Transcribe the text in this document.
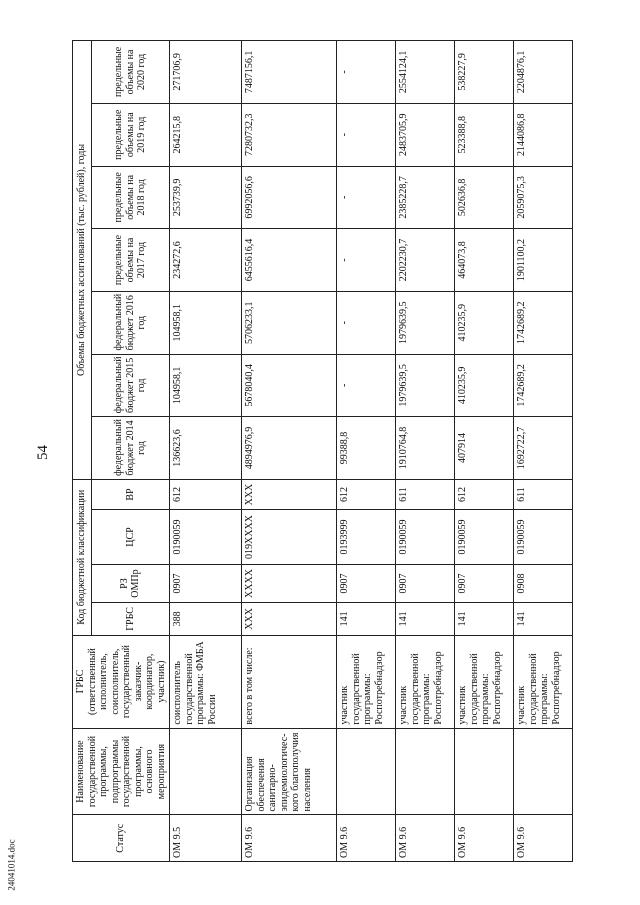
54
24041014.doc
Статус	Наименование государственной программы, подпрограммы государственной программы, основного мероприятия	ГРБС (ответственный исполнитель, соисполнитель, государственный заказчик-координатор, участник)	Код бюджетной классификации				Объемы бюджетных ассигнований (тыс. рублей), годы						
			ГРБС	РЗ ОМПр	ЦСР	ВР	федеральный бюджет 2014 год	федеральный бюджет 2015 год	федеральный бюджет 2016 год	предельные объемы на 2017 год	предельные объемы на 2018 год	предельные объемы на 2019 год	предельные объемы на 2020 год
ОМ 9.5		соисполнитель государственной программы: ФМБА России	388	0907	0190059	612	136623,6	104958,1	104958,1	234272,6	253739,9	264215,8	271706,9
ОМ 9.6	Организация обеспечения санитарно-эпидемиологичес-кого благополучия населения	всего в том числе:	ХХХ	ХХХХ	019ХХХХ	ХХХ	4894976,9	5678040,4	5706233,1	6455616,4	6992056,6	7280732,3	7487156,1
ОМ 9.6		участник государственной программы: Роспотребнадзор	141	0907	0193999	612	99388,8	-	-	-	-	-	-
ОМ 9.6		участник государственной программы: Роспотребнадзор	141	0907	0190059	611	1910764,8	1979639,5	1979639,5	2202230,7	2385228,7	2483705,9	2554124,1
ОМ 9.6		участник государственной программы: Роспотребнадзор	141	0907	0190059	612	407914	410235,9	410235,9	464073,8	502636,8	523388,8	538227,9
ОМ 9.6		участник государственной программы: Роспотребнадзор	141	0908	0190059	611	1692722,7	1742689,2	1742689,2	1901100,2	2059075,3	2144086,8	2204876,1
